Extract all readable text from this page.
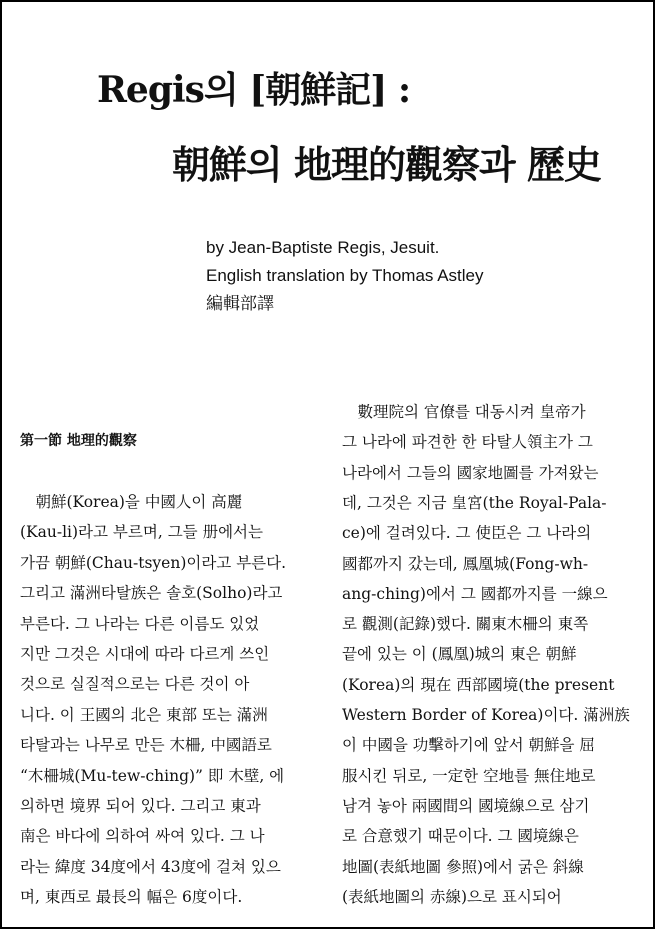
Regis의 [朝鮮記] :
朝鮮의 地理的觀察과 歷史
by Jean-Baptiste Regis, Jesuit.
English translation by Thomas Astley
編輯部譯
第一節 地理的觀察
　朝鮮(Korea)을 中國人이 高麗
(Kau-li)라고 부르며, 그들 册에서는
가끔 朝鮮(Chau-tsyen)이라고 부른다.
그리고 滿洲타탈族은 솔호(Solho)라고
부른다. 그 나라는 다른 이름도 있었
지만 그것은 시대에 따라 다르게 쓰인
것으로 실질적으로는 다른 것이 아
니다. 이 王國의 北은 東部 또는 滿洲
타탈과는 나무로 만든 木柵, 中國語로
“木柵城(Mu-tew-ching)” 即 木壁, 에
의하면 境界 되어 있다. 그리고 東과
南은 바다에 의하여 싸여 있다. 그 나
라는 緯度 34度에서 43度에 걸쳐 있으
며, 東西로 最長의 幅은 6度이다.
　數理院의 官僚를 대동시켜 皇帝가
그 나라에 파견한 한 타탈人領主가 그
나라에서 그들의 國家地圖를 가져왔는
데, 그것은 지금 皇宮(the Royal-Pala-
ce)에 걸려있다. 그 使臣은 그 나라의
國都까지 갔는데, 鳳凰城(Fong-wh-
ang-ching)에서 그 國都까지를 一線으
로 觀測(記錄)했다. 關東木柵의 東쪽
끝에 있는 이 (鳳凰)城의 東은 朝鮮
(Korea)의 現在 西部國境(the present
Western Border of Korea)이다. 滿洲族
이 中國을 功擊하기에 앞서 朝鮮을 屈
服시킨 뒤로, 一定한 空地를 無住地로
남겨 놓아 兩國間의 國境線으로 삼기
로 合意했기 때문이다. 그 國境線은
地圖(表紙地圖 參照)에서 굵은 斜線
(表紙地圖의 赤線)으로 표시되어
